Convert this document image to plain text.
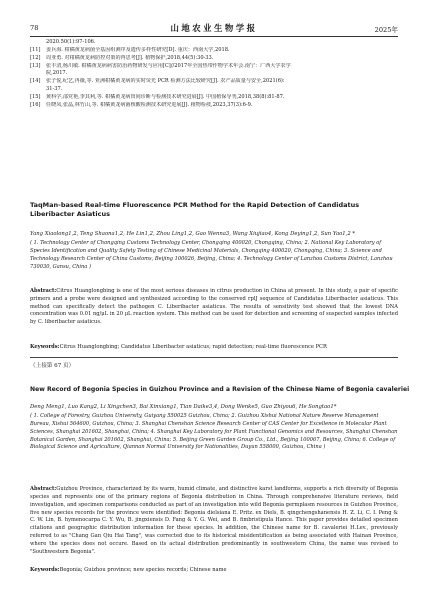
78	山地农业生物学报	2025年
2020.50(1):97-106.
[11] 姜兵海. 柑橘黄龙病菌全基因组测序及遗传多样性研究[D]. 重庆：西南大学,2018.
[12] 周亚勇. 对柑橘黄龙病防控对策的再思考[J]. 植物保护,2018,44(5):30-33.
[13] 张丰清,杨川敏. 柑橘黄龙病病害防治药物研发与应用[C]//2017年全国热带作物学术年会.南宁：广西大学农学
院,2017.
[14] 张子悦,纪艺,冉薇,等. 亚洲柑橘黄龙病的实时荧光 PCR 检测方法比较研究[J]. 农产品质量与安全,2021(6):
31-37.
[15] 黄科学,邵党艳,李其利,等. 柑橘黄龙病田间诊断与检测技术研究进展[J]. 中国植保导刊,2018,38(8):81-87.
[16] 任晓凤,张晶,林竹山,等. 柑橘黄龙病菌核酸检测技术研究进展[J]. 植物检疫,2023,37(3):6-9.
TaqMan-based Real-time Fluorescence PCR Method for the Rapid Detection of Candidatus Liberibacter Asiaticus
Yang Xiaolong1,2, Teng Shaona1,2, He Lin1,2, Zhou Ling1,2, Gao Wenna3, Wang Xiujiao4, Kong Deying1,2, Sun Yao1,2 *
( 1. Technology Center of Chongqing Customs Technology Center, Chongqing 400020, Chongqing, China; 2. National Key Laboratory of Species Identification and Quality Safety Testing of Chinese Medicinal Materials, Chongqing 400020, Chongqing, China; 3. Science and Technology Research Center of China Customs, Beijing 100026, Beijing, China; 4. Technology Center of Lanzhou Customs District, Lanzhou 730030, Gansu, China )
Abstract:Citrus Huanglongbing is one of the most serious diseases in citrus production in China at present. In this study, a pair of specific primers and a probe were designed and synthesized according to the conserved rplJ sequence of Candidatus Liberibacter asiaticus. This method can specifically detect the pathogen C. Liberibacter asiaticus. The results of sensitivity test showed that the lowest DNA concentration was 0.01 ng/μL in 20 μL reaction system. This method can be used for detection and screening of suspected samples infected by C. liberibacter asiaticus.
Keywords:Citrus Huanglongbing; Candidatus Liberibacter asiaticus; rapid detection; real-time fluorescence PCR
（上接第 67 页）
New Record of Begonia Species in Guizhou Province and a Revision of the Chinese Name of Begonia cavaleriei
Deng Meng1, Luo Kang2, Li Xingchen3, Bai Xinxiang1, Tian Daike3,4, Dong Wenke5, Guo Zhiyou6, He Songtao1*
( 1. College of Forestry, Guizhou University, Guiyang 550025 Guizhou, China; 2. Guizhou Xishui National Nature Reserve Management Bureau, Xishui 564600, Guizhou, China; 3. Shanghai Chenshan Science Research Center of CAS Center for Excellence in Molecular Plant Sciences, Shanghai 201602, Shanghai, China; 4. Shanghai Key Laboratory for Plant Functional Genomics and Resources, Shanghai Chenshan Botanical Garden, Shanghai 201602, Shanghai, China; 5. Beijing Green Garden Group Co., Ltd., Beijing 100067, Beijing, China; 6. College of Biological Science and Agriculture, Qiannan Normal University for Nationalities, Duyun 558000, Guizhou, China )
Abstract:Guizhou Province, characterized by its warm, humid climate, and distinctive karst landforms, supports a rich diversity of Begonia species and represents one of the primary regions of Begonia distribution in China. Through comprehensive literature reviews, field investigation, and specimen comparisons conducted as part of an investigation into wild Begonia germplasm resources in Guizhou Province, five new species records for the province were identified: Begonia dielsiana E. Pritz. ex Diels, B. qingchengshanensis H. Z. Li, C. I. Peng & C. W. Lin, B. hymenocarpa C. Y. Wu, B. jingxiensis D. Fang & Y. G. Wei, and B. fimbristipula Hance. This paper provides detailed specimen citations and geographic distribution information for these species. In addition, the Chinese name for B. cavaleriei H.Lev., previously referred to as "Chang Gan Qiu Hai Tang", was corrected due to its historical misidentification as being associated with Hainan Province, where the species does not occure. Based on its actual distribution predominantly in southwestern China, the name was revised to "Southwestern Begonia".
Keywords:Begonia; Guizhou province; new species records; Chinese name
